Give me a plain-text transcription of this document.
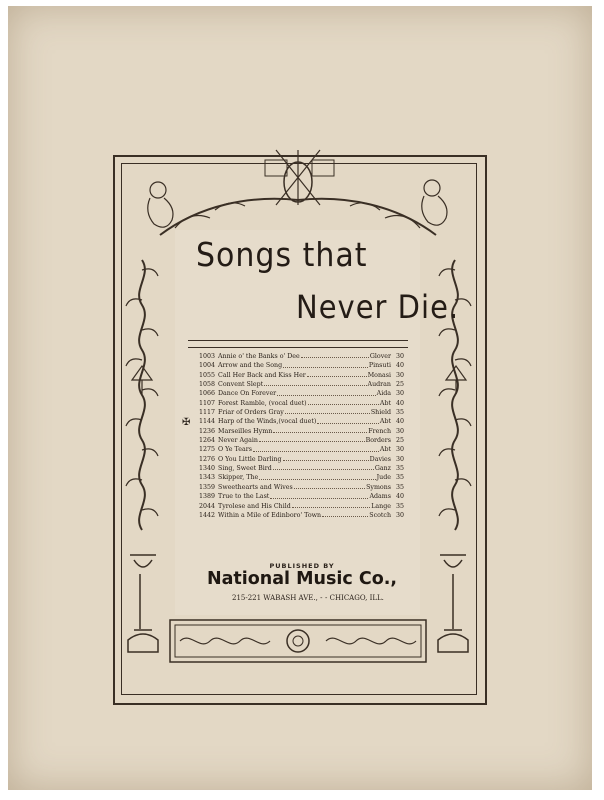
Songs that
Never Die.
✠
1003 Annie o' the Banks o' Dee	Glover 30
1004 Arrow and the Song	Pinsuti 40
1055 Call Her Back and Kiss Her	Monasi 30
1058 Convent Slept	Audran 25
1066 Dance On Forever	Aida 30
1107 Forest Ramble, (vocal duet)	Abt 40
1117 Friar of Orders Gray	Shield 35
1144 Harp of the Winds,(vocal duet)	Abt 40
1236 Marseilles Hymn	French 30
1264 Never Again	Borders 25
1275 O Ye Tears	Abt 30
1276 O You Little Darling	Davies 30
1340 Sing, Sweet Bird	Ganz 35
1343 Skipper, The	Jude 35
1359 Sweethearts and Wives	Symons 35
1389 True to the Last	Adams 40
2044 Tyrolese and His Child	Lange 35
1442 Within a Mile of Edinboro' Town	Scotch 30
PUBLISHED BY
National Music Co.,
215-221 WABASH AVE., - - CHICAGO, ILL.
